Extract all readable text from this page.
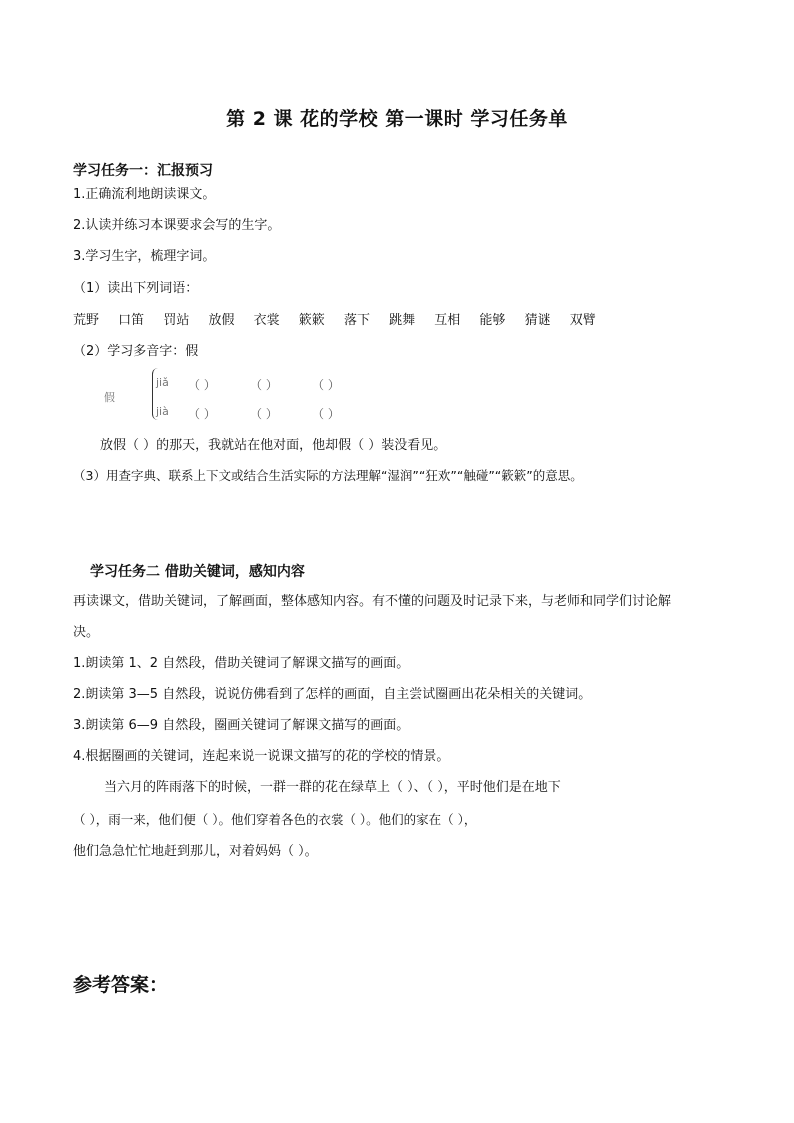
第 2 课 花的学校 第一课时 学习任务单
学习任务一：汇报预习
1.正确流利地朗读课文。
2.认读并练习本课要求会写的生字。
3.学习生字，梳理字词。
（1）读出下列词语：
荒野 口笛 罚站 放假 衣裳 簌簌 落下 跳舞 互相 能够 猜谜 双臂
（2）学习多音字：假
假
jiǎ （ ）	（ ）	（ ）
jià （ ）	（ ）	（ ）
放假（ ）的那天，我就站在他对面，他却假（ ）装没看见。
（3）用查字典、联系上下文或结合生活实际的方法理解“湿润”“狂欢”“触碰”“簌簌”的意思。
学习任务二 借助关键词，感知内容
再读课文，借助关键词，了解画面，整体感知内容。有不懂的问题及时记录下来，与老师和同学们讨论解
决。
1.朗读第 1、2 自然段，借助关键词了解课文描写的画面。
2.朗读第 3—5 自然段，说说仿佛看到了怎样的画面，自主尝试圈画出花朵相关的关键词。
3.朗读第 6—9 自然段，圈画关键词了解课文描写的画面。
4.根据圈画的关键词，连起来说一说课文描写的花的学校的情景。
当六月的阵雨落下的时候，一群一群的花在绿草上（ ）、（ ），平时他们是在地下
（ ），雨一来，他们便（ ）。他们穿着各色的衣裳（ ）。他们的家在（ ），
他们急急忙忙地赶到那儿，对着妈妈（ ）。
参考答案：
